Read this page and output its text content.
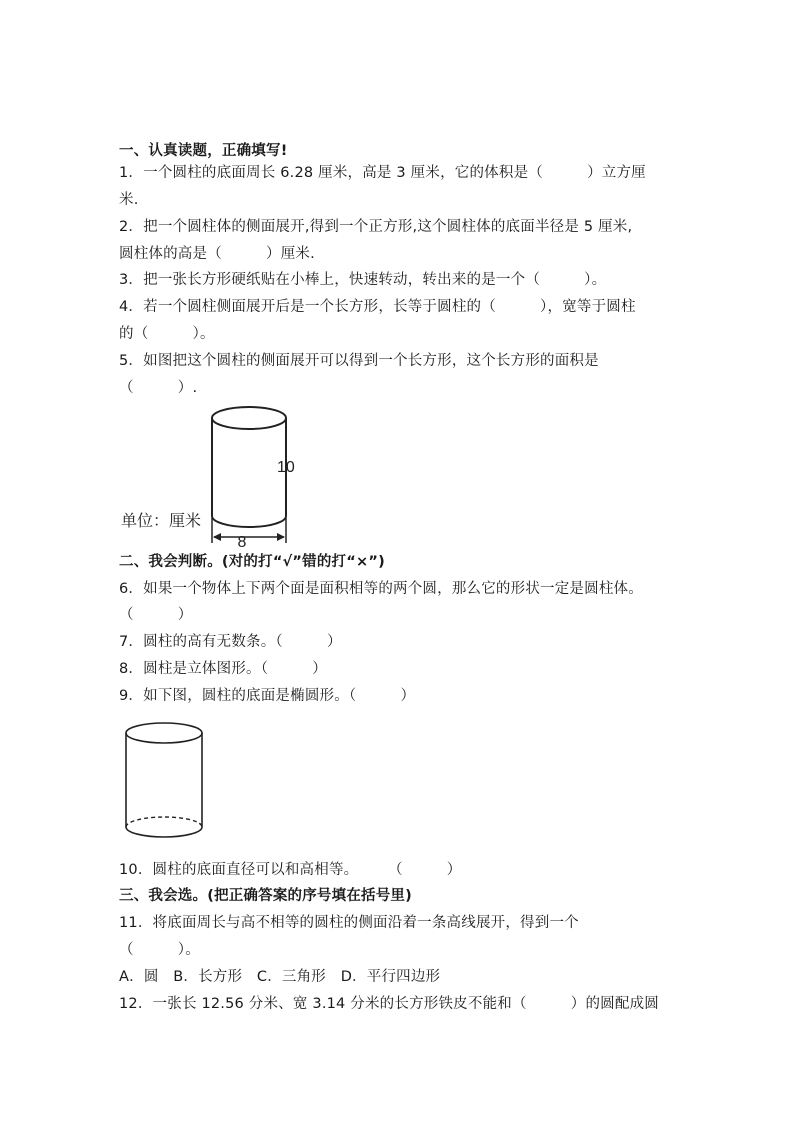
一、认真读题，正确填写!
1．一个圆柱的底面周长 6.28 厘米，高是 3 厘米，它的体积是（　　　）立方厘
米.
2．把一个圆柱体的侧面展开,得到一个正方形,这个圆柱体的底面半径是 5 厘米,
圆柱体的高是（　　　）厘米.
3．把一张长方形硬纸贴在小棒上，快速转动，转出来的是一个（　　　）。
4．若一个圆柱侧面展开后是一个长方形，长等于圆柱的（　　　），宽等于圆柱
的（　　　）。
5．如图把这个圆柱的侧面展开可以得到一个长方形，这个长方形的面积是
（　　　）.
8
10
单位：厘米
二、我会判断。(对的打“√”错的打“×”)
6．如果一个物体上下两个面是面积相等的两个圆，那么它的形状一定是圆柱体。
（　　　）
7．圆柱的高有无数条。（　　　）
8．圆柱是立体图形。（　　　）
9．如下图，圆柱的底面是椭圆形。（　　　）
10．圆柱的底面直径可以和高相等。　　　（　　　）
三、我会选。(把正确答案的序号填在括号里)
11．将底面周长与高不相等的圆柱的侧面沿着一条高线展开，得到一个
（　　　）。
A．圆　B．长方形　C．三角形　D．平行四边形
12．一张长 12.56 分米、宽 3.14 分米的长方形铁皮不能和（　　　）的圆配成圆
